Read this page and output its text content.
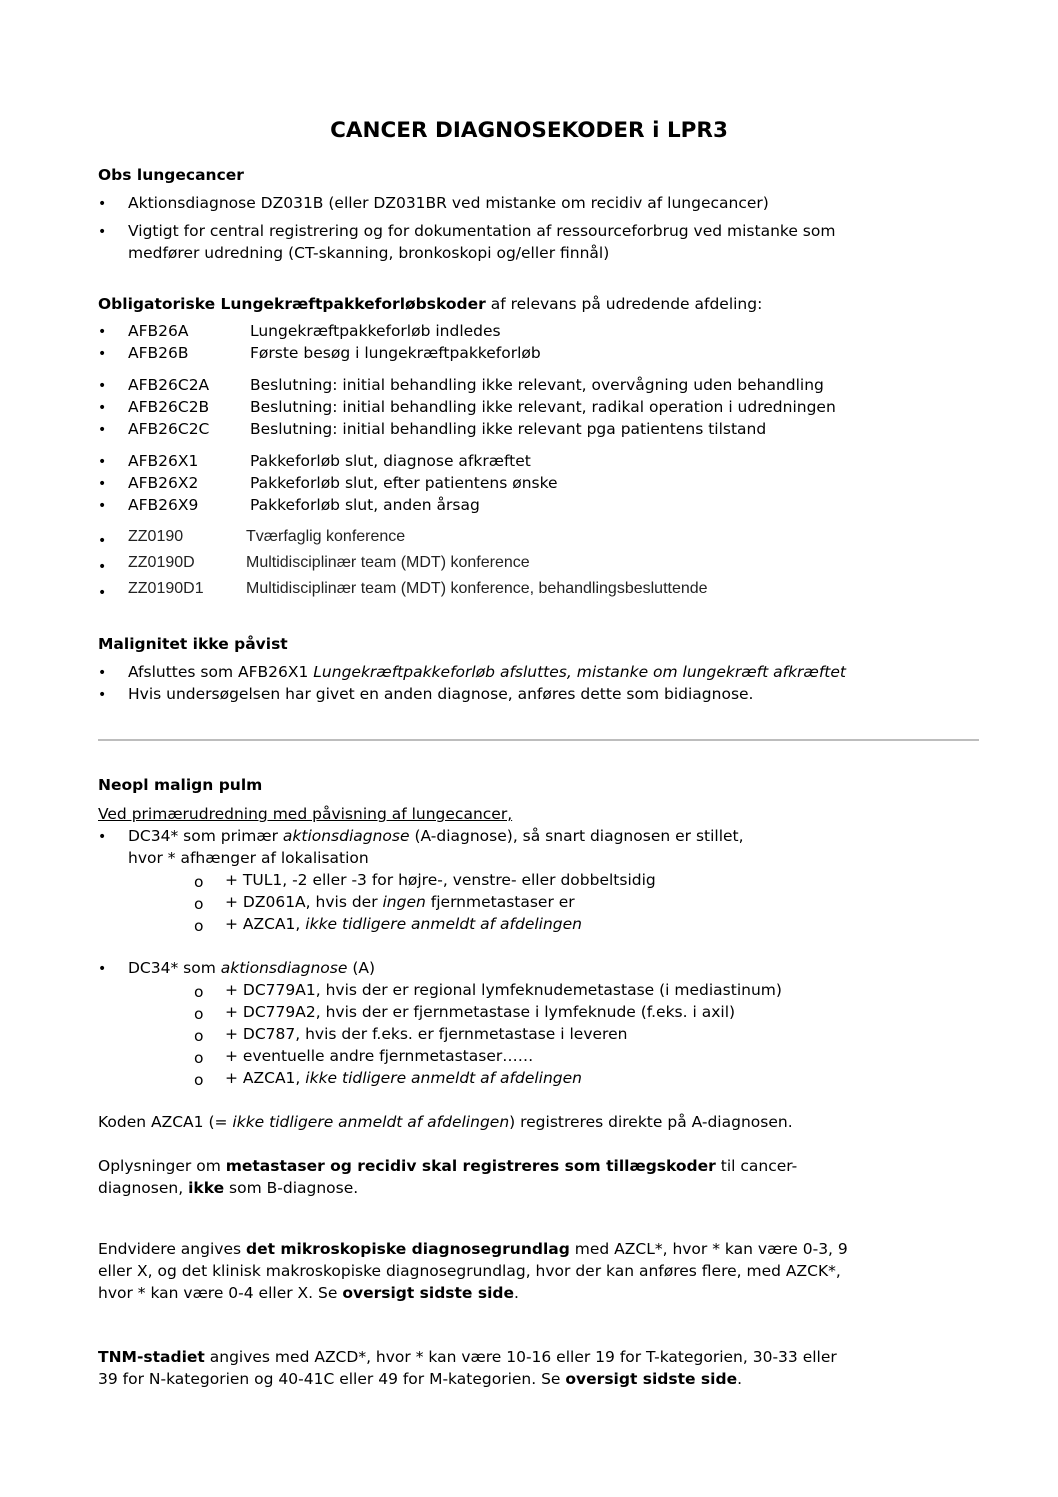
CANCER DIAGNOSEKODER i LPR3
Obs lungecancer
• Aktionsdiagnose DZ031B (eller DZ031BR ved mistanke om recidiv af lungecancer)
• Vigtigt for central registrering og for dokumentation af ressourceforbrug ved mistanke som
medfører udredning (CT-skanning, bronkoskopi og/eller finnål)
Obligatoriske Lungekræftpakkeforløbskoder af relevans på udredende afdeling:
• AFB26A	Lungekræftpakkeforløb indledes
• AFB26B	Første besøg i lungekræftpakkeforløb
• AFB26C2A	Beslutning: initial behandling ikke relevant, overvågning uden behandling
• AFB26C2B	Beslutning: initial behandling ikke relevant, radikal operation i udredningen
• AFB26C2C	Beslutning: initial behandling ikke relevant pga patientens tilstand
• AFB26X1	Pakkeforløb slut, diagnose afkræftet
• AFB26X2	Pakkeforløb slut, efter patientens ønske
• AFB26X9	Pakkeforløb slut, anden årsag
• ZZ0190	Tværfaglig konference
• ZZ0190D	Multidisciplinær team (MDT) konference
• ZZ0190D1	Multidisciplinær team (MDT) konference, behandlingsbesluttende
Malignitet ikke påvist
• Afsluttes som AFB26X1 Lungekræftpakkeforløb afsluttes, mistanke om lungekræft afkræftet
• Hvis undersøgelsen har givet en anden diagnose, anføres dette som bidiagnose.
Neopl malign pulm
Ved primærudredning med påvisning af lungecancer,
• DC34* som primær aktionsdiagnose (A-diagnose), så snart diagnosen er stillet,
hvor * afhænger af lokalisation
o + TUL1, -2 eller -3 for højre-, venstre- eller dobbeltsidig
o + DZ061A, hvis der ingen fjernmetastaser er
o + AZCA1, ikke tidligere anmeldt af afdelingen
• DC34* som aktionsdiagnose (A)
o + DC779A1, hvis der er regional lymfeknudemetastase (i mediastinum)
o + DC779A2, hvis der er fjernmetastase i lymfeknude (f.eks. i axil)
o + DC787, hvis der f.eks. er fjernmetastase i leveren
o + eventuelle andre fjernmetastaser……
o + AZCA1, ikke tidligere anmeldt af afdelingen
Koden AZCA1 (= ikke tidligere anmeldt af afdelingen) registreres direkte på A-diagnosen.
Oplysninger om metastaser og recidiv skal registreres som tillægskoder til cancer-
diagnosen, ikke som B-diagnose.
Endvidere angives det mikroskopiske diagnosegrundlag med AZCL*, hvor * kan være 0-3, 9
eller X, og det klinisk makroskopiske diagnosegrundlag, hvor der kan anføres flere, med AZCK*,
hvor * kan være 0-4 eller X. Se oversigt sidste side.
TNM-stadiet angives med AZCD*, hvor * kan være 10-16 eller 19 for T-kategorien, 30-33 eller
39 for N-kategorien og 40-41C eller 49 for M-kategorien. Se oversigt sidste side.
